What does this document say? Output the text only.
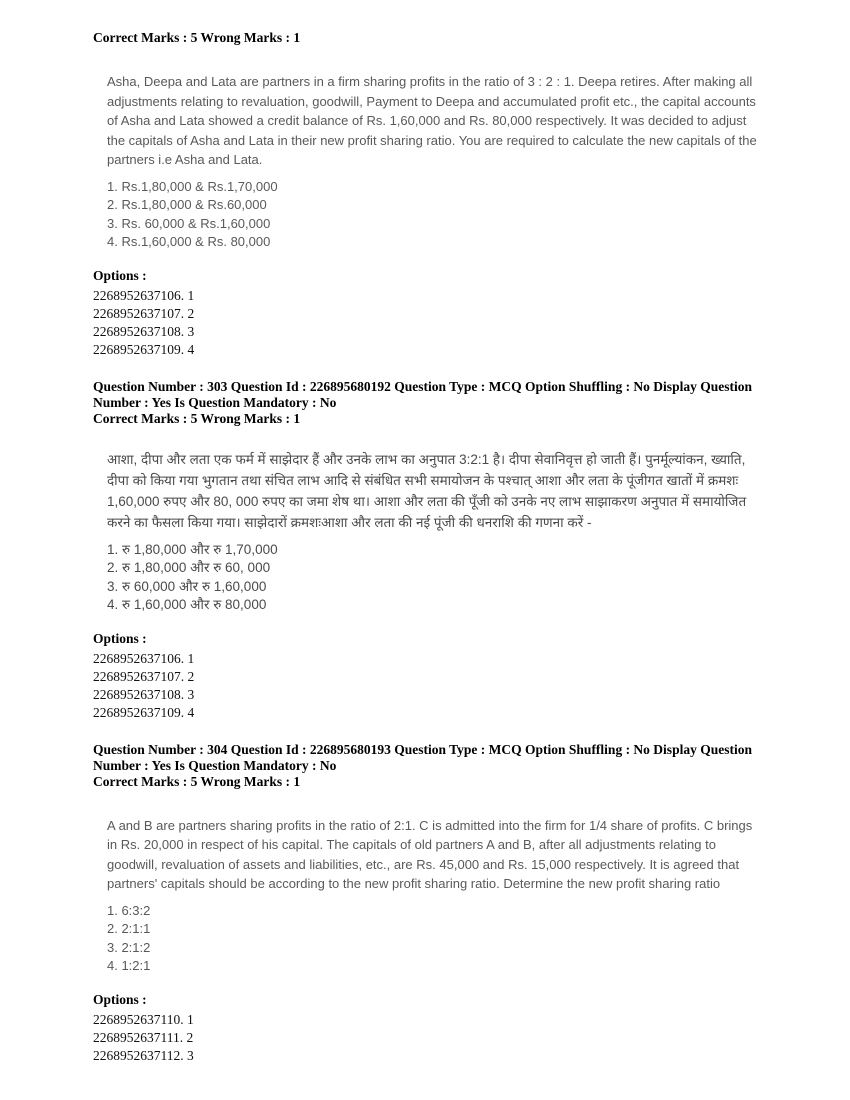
Correct Marks : 5 Wrong Marks : 1

Asha, Deepa and Lata are partners in a firm sharing profits in the ratio of 3 : 2 : 1. Deepa retires. After making all adjustments relating to revaluation, goodwill, Payment to Deepa and accumulated profit etc., the capital accounts of Asha and Lata showed a credit balance of Rs. 1,60,000 and Rs. 80,000 respectively. It was decided to adjust the capitals of Asha and Lata in their new profit sharing ratio. You are required to calculate the new capitals of the partners i.e Asha and Lata.

1. Rs.1,80,000 & Rs.1,70,000
2. Rs.1,80,000 & Rs.60,000
3. Rs. 60,000 & Rs.1,60,000
4. Rs.1,60,000 & Rs. 80,000

Options :

2268952637106. 1
2268952637107. 2
2268952637108. 3
2268952637109. 4

Question Number : 303 Question Id : 226895680192 Question Type : MCQ Option Shuffling : No Display Question Number : Yes Is Question Mandatory : No

Correct Marks : 5 Wrong Marks : 1

आशा, दीपा और लता एक फर्म में साझेदार हैं और उनके लाभ का अनुपात 3:2:1 है। दीपा सेवानिवृत्त हो जाती हैं। पुनर्मूल्यांकन, ख्याति, दीपा को किया गया भुगतान तथा संचित लाभ आदि से संबंधित सभी समायोजन के पश्चात् आशा और लता के पूंजीगत खातों में क्रमशः 1,60,000 रुपए और 80, 000 रुपए का जमा शेष था। आशा और लता की पूँजी को उनके नए लाभ साझाकरण अनुपात में समायोजित करने का फैसला किया गया। साझेदारों क्रमशःआशा और लता की नई पूंजी की धनराशि की गणना करें -

1. रु 1,80,000 और रु 1,70,000
2. रु 1,80,000 और रु 60, 000
3. रु 60,000 और रु 1,60,000
4. रु 1,60,000 और रु 80,000

Options :

2268952637106. 1
2268952637107. 2
2268952637108. 3
2268952637109. 4

Question Number : 304 Question Id : 226895680193 Question Type : MCQ Option Shuffling : No Display Question Number : Yes Is Question Mandatory : No

Correct Marks : 5 Wrong Marks : 1

A and B are partners sharing profits in the ratio of 2:1. C is admitted into the firm for 1/4 share of profits. C brings in Rs. 20,000 in respect of his capital. The capitals of old partners A and B, after all adjustments relating to goodwill, revaluation of assets and liabilities, etc., are Rs. 45,000 and Rs. 15,000 respectively. It is agreed that partners' capitals should be according to the new profit sharing ratio. Determine the new profit sharing ratio

1. 6:3:2
2. 2:1:1
3. 2:1:2
4. 1:2:1

Options :

2268952637110. 1
2268952637111. 2
2268952637112. 3
